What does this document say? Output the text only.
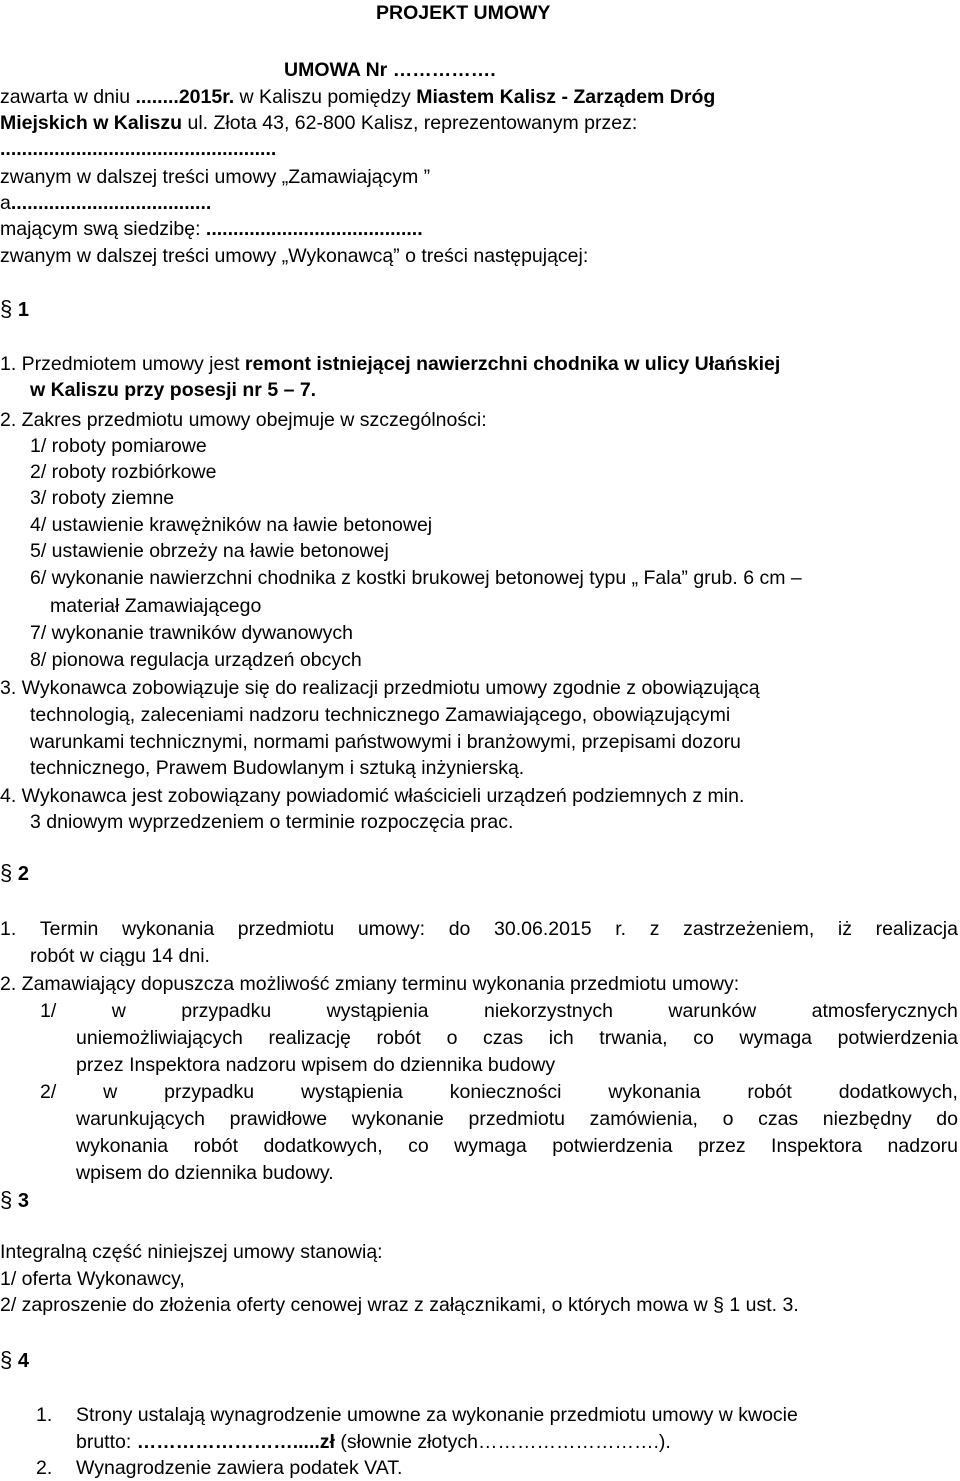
PROJEKT UMOWY
UMOWA Nr …………….
zawarta w dniu ........2015r. w Kaliszu pomiędzy Miastem Kalisz - Zarządem Dróg
Miejskich w Kaliszu ul. Złota 43, 62-800 Kalisz, reprezentowanym przez:
...................................................
zwanym w dalszej treści umowy „Zamawiającym ”
a.....................................
mającym swą siedzibę: ........................................
zwanym w dalszej treści umowy „Wykonawcą” o treści następującej:
§ 1
1. Przedmiotem umowy jest remont istniejącej nawierzchni chodnika w ulicy Ułańskiej
w Kaliszu przy posesji nr 5 – 7.
2. Zakres przedmiotu umowy obejmuje w szczególności:
1/ roboty pomiarowe
2/ roboty rozbiórkowe
3/ roboty ziemne
4/ ustawienie krawężników na ławie betonowej
5/ ustawienie obrzeży na ławie betonowej
6/ wykonanie nawierzchni chodnika z kostki brukowej betonowej typu „ Fala” grub. 6 cm –
materiał Zamawiającego
7/ wykonanie trawników dywanowych
8/ pionowa regulacja urządzeń obcych
3. Wykonawca zobowiązuje się do realizacji przedmiotu umowy zgodnie z obowiązującą
technologią, zaleceniami nadzoru technicznego Zamawiającego, obowiązującymi
warunkami technicznymi, normami państwowymi i branżowymi, przepisami dozoru
technicznego, Prawem Budowlanym i sztuką inżynierską.
4. Wykonawca jest zobowiązany powiadomić właścicieli urządzeń podziemnych z min.
3 dniowym wyprzedzeniem o terminie rozpoczęcia prac.
§ 2
1. Termin wykonania przedmiotu umowy: do 30.06.2015 r. z zastrzeżeniem, iż realizacja
robót w ciągu 14 dni.
2. Zamawiający dopuszcza możliwość zmiany terminu wykonania przedmiotu umowy:
1/	w	przypadku	wystąpienia	niekorzystnych	warunków	atmosferycznych
uniemożliwiających realizację robót o czas ich trwania, co wymaga potwierdzenia
przez Inspektora nadzoru wpisem do dziennika budowy
2/ w przypadku wystąpienia konieczności wykonania robót dodatkowych,
warunkujących prawidłowe wykonanie przedmiotu zamówienia, o czas niezbędny do
wykonania robót dodatkowych, co wymaga potwierdzenia przez Inspektora nadzoru
wpisem do dziennika budowy.
§ 3
Integralną część niniejszej umowy stanowią:
1/ oferta Wykonawcy,
2/ zaproszenie do złożenia oferty cenowej wraz z załącznikami, o których mowa w § 1 ust. 3.
§ 4
1. Strony ustalają wynagrodzenie umowne za wykonanie przedmiotu umowy w kwocie
brutto: …………………….....zł (słownie złotych……………………….).
2. Wynagrodzenie zawiera podatek VAT.
